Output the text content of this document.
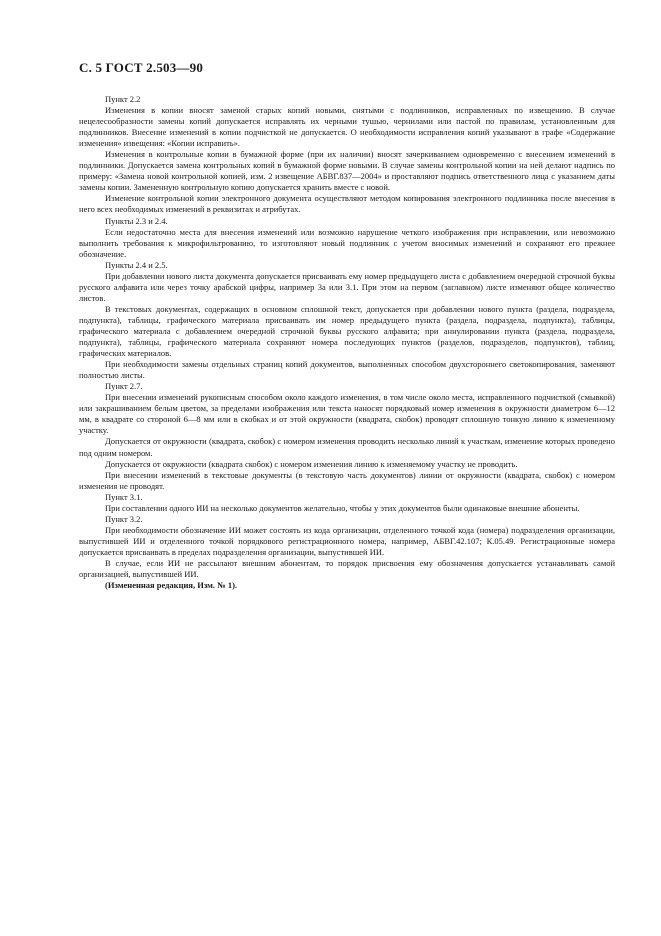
С. 5 ГОСТ 2.503—90

Пункт 2.2

Изменения в копии вносят заменой старых копий новыми, снятыми с подлинников, исправленных по извещению. В случае нецелесообразности замены копий допускается исправлять их черными тушью, чернилами или пастой по правилам, установленным для подлинников. Внесение изменений в копии подчисткой не допускается. О необходимости исправления копий указывают в графе «Содержание изменения» извещения: «Копии исправить».

Изменения в контрольные копии в бумажной форме (при их наличии) вносят зачеркиванием одновременно с внесением изменений в подлинники. Допускается замена контрольных копий в бумажной форме новыми. В случае замены контрольной копии на ней делают надпись по примеру: «Замена новой контрольной копией, изм. 2 извещение АБВГ.837—2004» и проставляют подпись ответственного лица с указанием даты замены копии. Замененную контрольную копию допускается хранить вместе с новой.

Изменение контрольной копии электронного документа осуществляют методом копирования электронного подлинника после внесения в него всех необходимых изменений в реквизитах и атрибутах.

Пункты 2.3 и 2.4.

Если недостаточно места для внесения изменений или возможно нарушение четкого изображения при исправлении, или невозможно выполнить требования к микрофильтрованию, то изготовляют новый подлинник с учетом вносимых изменений и сохраняют его прежнее обозначение.

Пункты 2.4 и 2.5.

При добавлении нового листа документа допускается присваивать ему номер предыдущего листа с добавлением очередной строчной буквы русского алфавита или через точку арабской цифры, например 3а или 3.1. При этом на первом (заглавном) листе изменяют общее количество листов.

В текстовых документах, содержащих в основном сплошной текст, допускается при добавлении нового пункта (раздела, подраздела, подпункта), таблицы, графического материала присваивать им номер предыдущего пункта (раздела, подраздела, подпункта), таблицы, графического материала с добавлением очередной строчной буквы русского алфавита; при аннулировании пункта (раздела, подраздела, подпункта), таблицы, графического материала сохраняют номера последующих пунктов (разделов, подразделов, подпунктов), таблиц, графических материалов.

При необходимости замены отдельных страниц копий документов, выполненных способом двухстороннего светокопирования, заменяют полностью листы.

Пункт 2.7.

При внесении изменений рукописным способом около каждого изменения, в том числе около места, исправленного подчисткой (смывкой) или закрашиванием белым цветом, за пределами изображения или текста наносят порядковый номер изменения в окружности диаметром 6—12 мм, в квадрате со стороной 6—8 мм или в скобках и от этой окружности (квадрата, скобок) проводят сплошную тонкую линию к измененному участку.

Допускается от окружности (квадрата, скобок) с номером изменения проводить несколько линий к участкам, изменение которых проведено под одним номером.

Допускается от окружности (квадрата скобок) с номером изменения линию к изменяемому участку не проводить.

При внесении изменений в текстовые документы (в текстовую часть документов) линии от окружности (квадрата, скобок) с номером изменения не проводят.

Пункт 3.1.

При составлении одного ИИ на несколько документов желательно, чтобы у этих документов были одинаковые внешние абоненты.

Пункт 3.2.

При необходимости обозначение ИИ может состоять из кода организации, отделенного точкой кода (номера) подразделения организации, выпустившей ИИ и отделенного точкой порядкового регистрационного номера, например, АБВГ.42.107; К.05.49. Регистрационные номера допускается присваивать в пределах подразделения организации, выпустившей ИИ.

В случае, если ИИ не рассылают внешним абонентам, то порядок присвоения ему обозначения допускается устанавливать самой организацией, выпустившей ИИ.

(Измененная редакция, Изм. № 1).
